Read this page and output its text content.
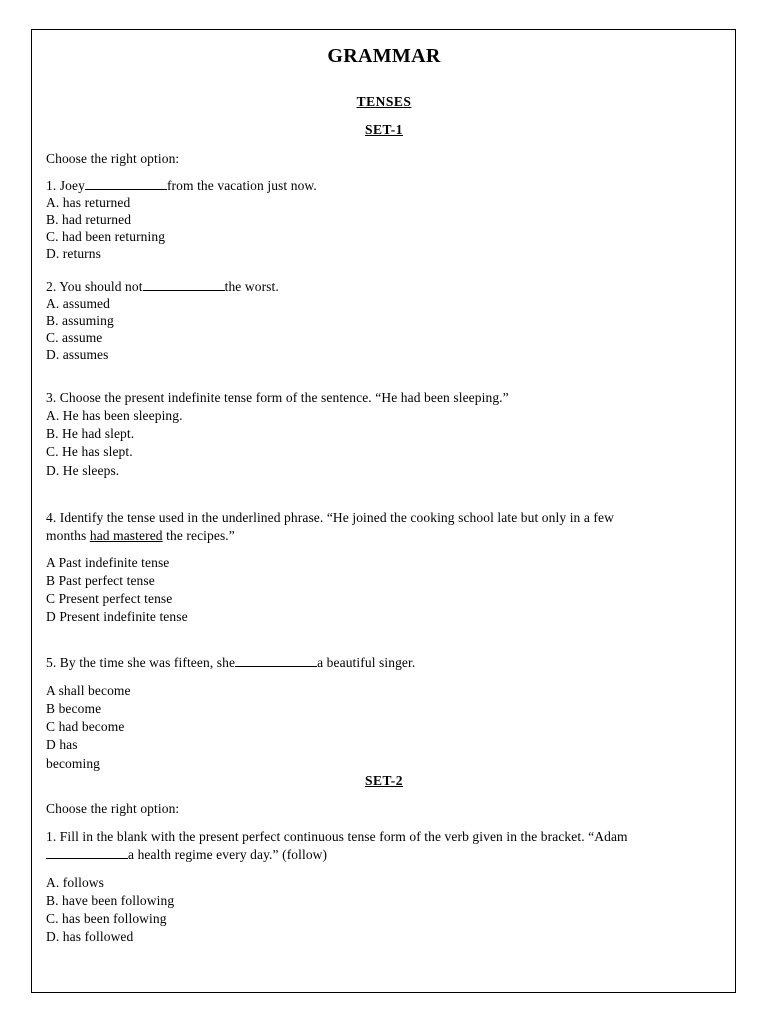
GRAMMAR
TENSES
SET-1
Choose the right option:
1. Joey	from the vacation just now.
A. has returned
B. had returned
C. had been returning
D. returns
2. You should not	the worst.
A. assumed
B. assuming
C. assume
D. assumes
3. Choose the present indefinite tense form of the sentence. “He had been sleeping.”
A. He has been sleeping.
B. He had slept.
C. He has slept.
D. He sleeps.
4. Identify the tense used in the underlined phrase. “He joined the cooking school late but only in a few
months had mastered the recipes.”
A Past indefinite tense
B Past perfect tense
C Present perfect tense
D Present indefinite tense
5. By the time she was fifteen, she	a beautiful singer.
A shall become
B become
C had become
D has
becoming
SET-2
Choose the right option:
1. Fill in the blank with the present perfect continuous tense form of the verb given in the bracket. “Adam
a health regime every day.” (follow)
A. follows
B. have been following
C. has been following
D. has followed
